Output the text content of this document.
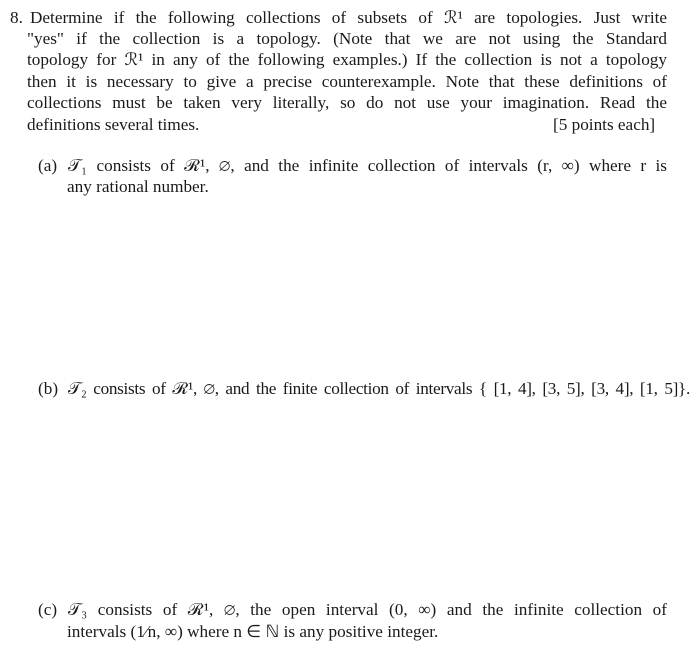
8. Determine if the following collections of subsets of ℛ¹ are topologies. Just write
"yes" if the collection is a topology. (Note that we are not using the Standard
topology for ℛ¹ in any of the following examples.) If the collection is not a topology
then it is necessary to give a precise counterexample. Note that these definitions of
collections must be taken very literally, so do not use your imagination. Read the
definitions several times.	[5 points each]
(a) 𝒯₁ consists of ℛ¹, ∅, and the infinite collection of intervals (r, ∞) where r is
any rational number.
(b) 𝒯₂ consists of ℛ¹, ∅, and the finite collection of intervals { [1, 4], [3, 5], [3, 4], [1, 5]}.
(c) 𝒯₃ consists of ℛ¹, ∅, the open interval (0, ∞) and the infinite collection of
intervals (1⁄n, ∞) where n ∈ ℕ is any positive integer.
